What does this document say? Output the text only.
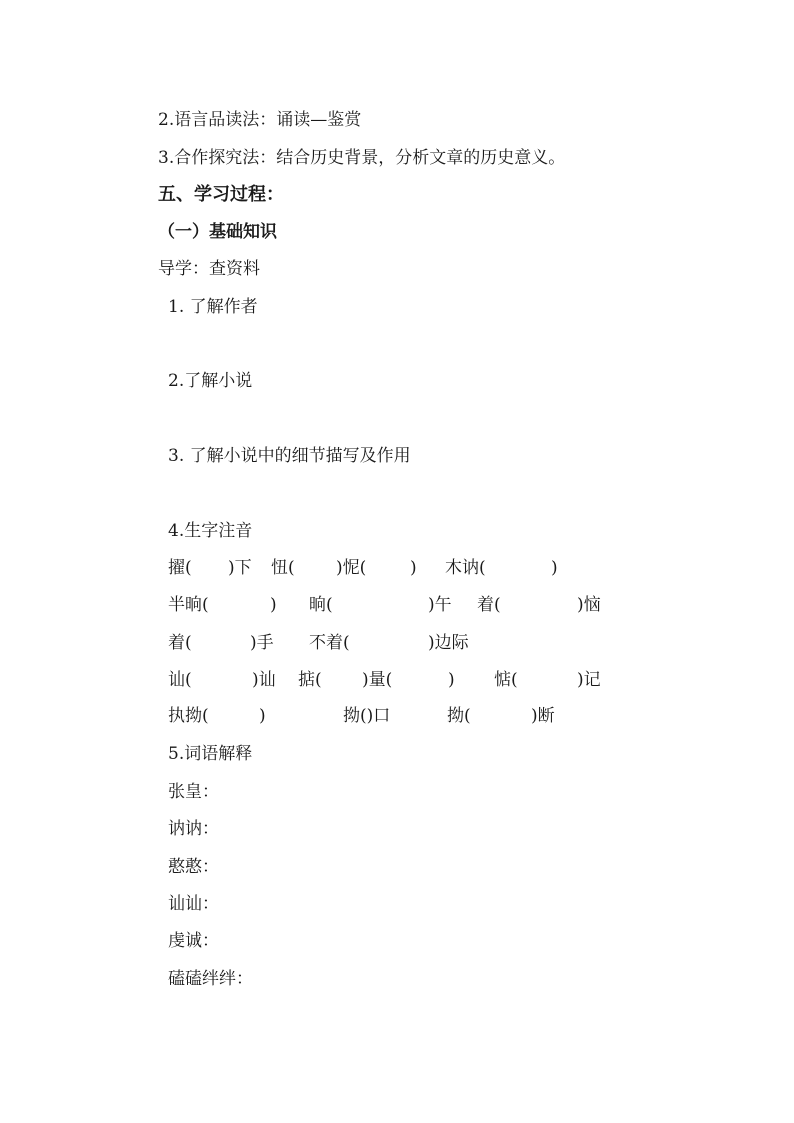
2.语言品读法：诵读—鉴赏
3.合作探究法：结合历史背景，分析文章的历史意义。
五、学习过程：
（一）基础知识
导学：查资料
1. 了解作者
2.了解小说
3. 了解小说中的细节描写及作用
4.生字注音
擢( )下 忸( )怩(	) 木讷(	)
半晌(	) 晌(	)午 着(	)恼
着(	)手 不着(	)边际
讪(	)讪 掂( )量(	) 惦(	)记
执拗(	)	拗()口	拗(	)断
5.词语解释
张皇：
讷讷：
憨憨：
讪讪：
虔诚：
磕磕绊绊：
